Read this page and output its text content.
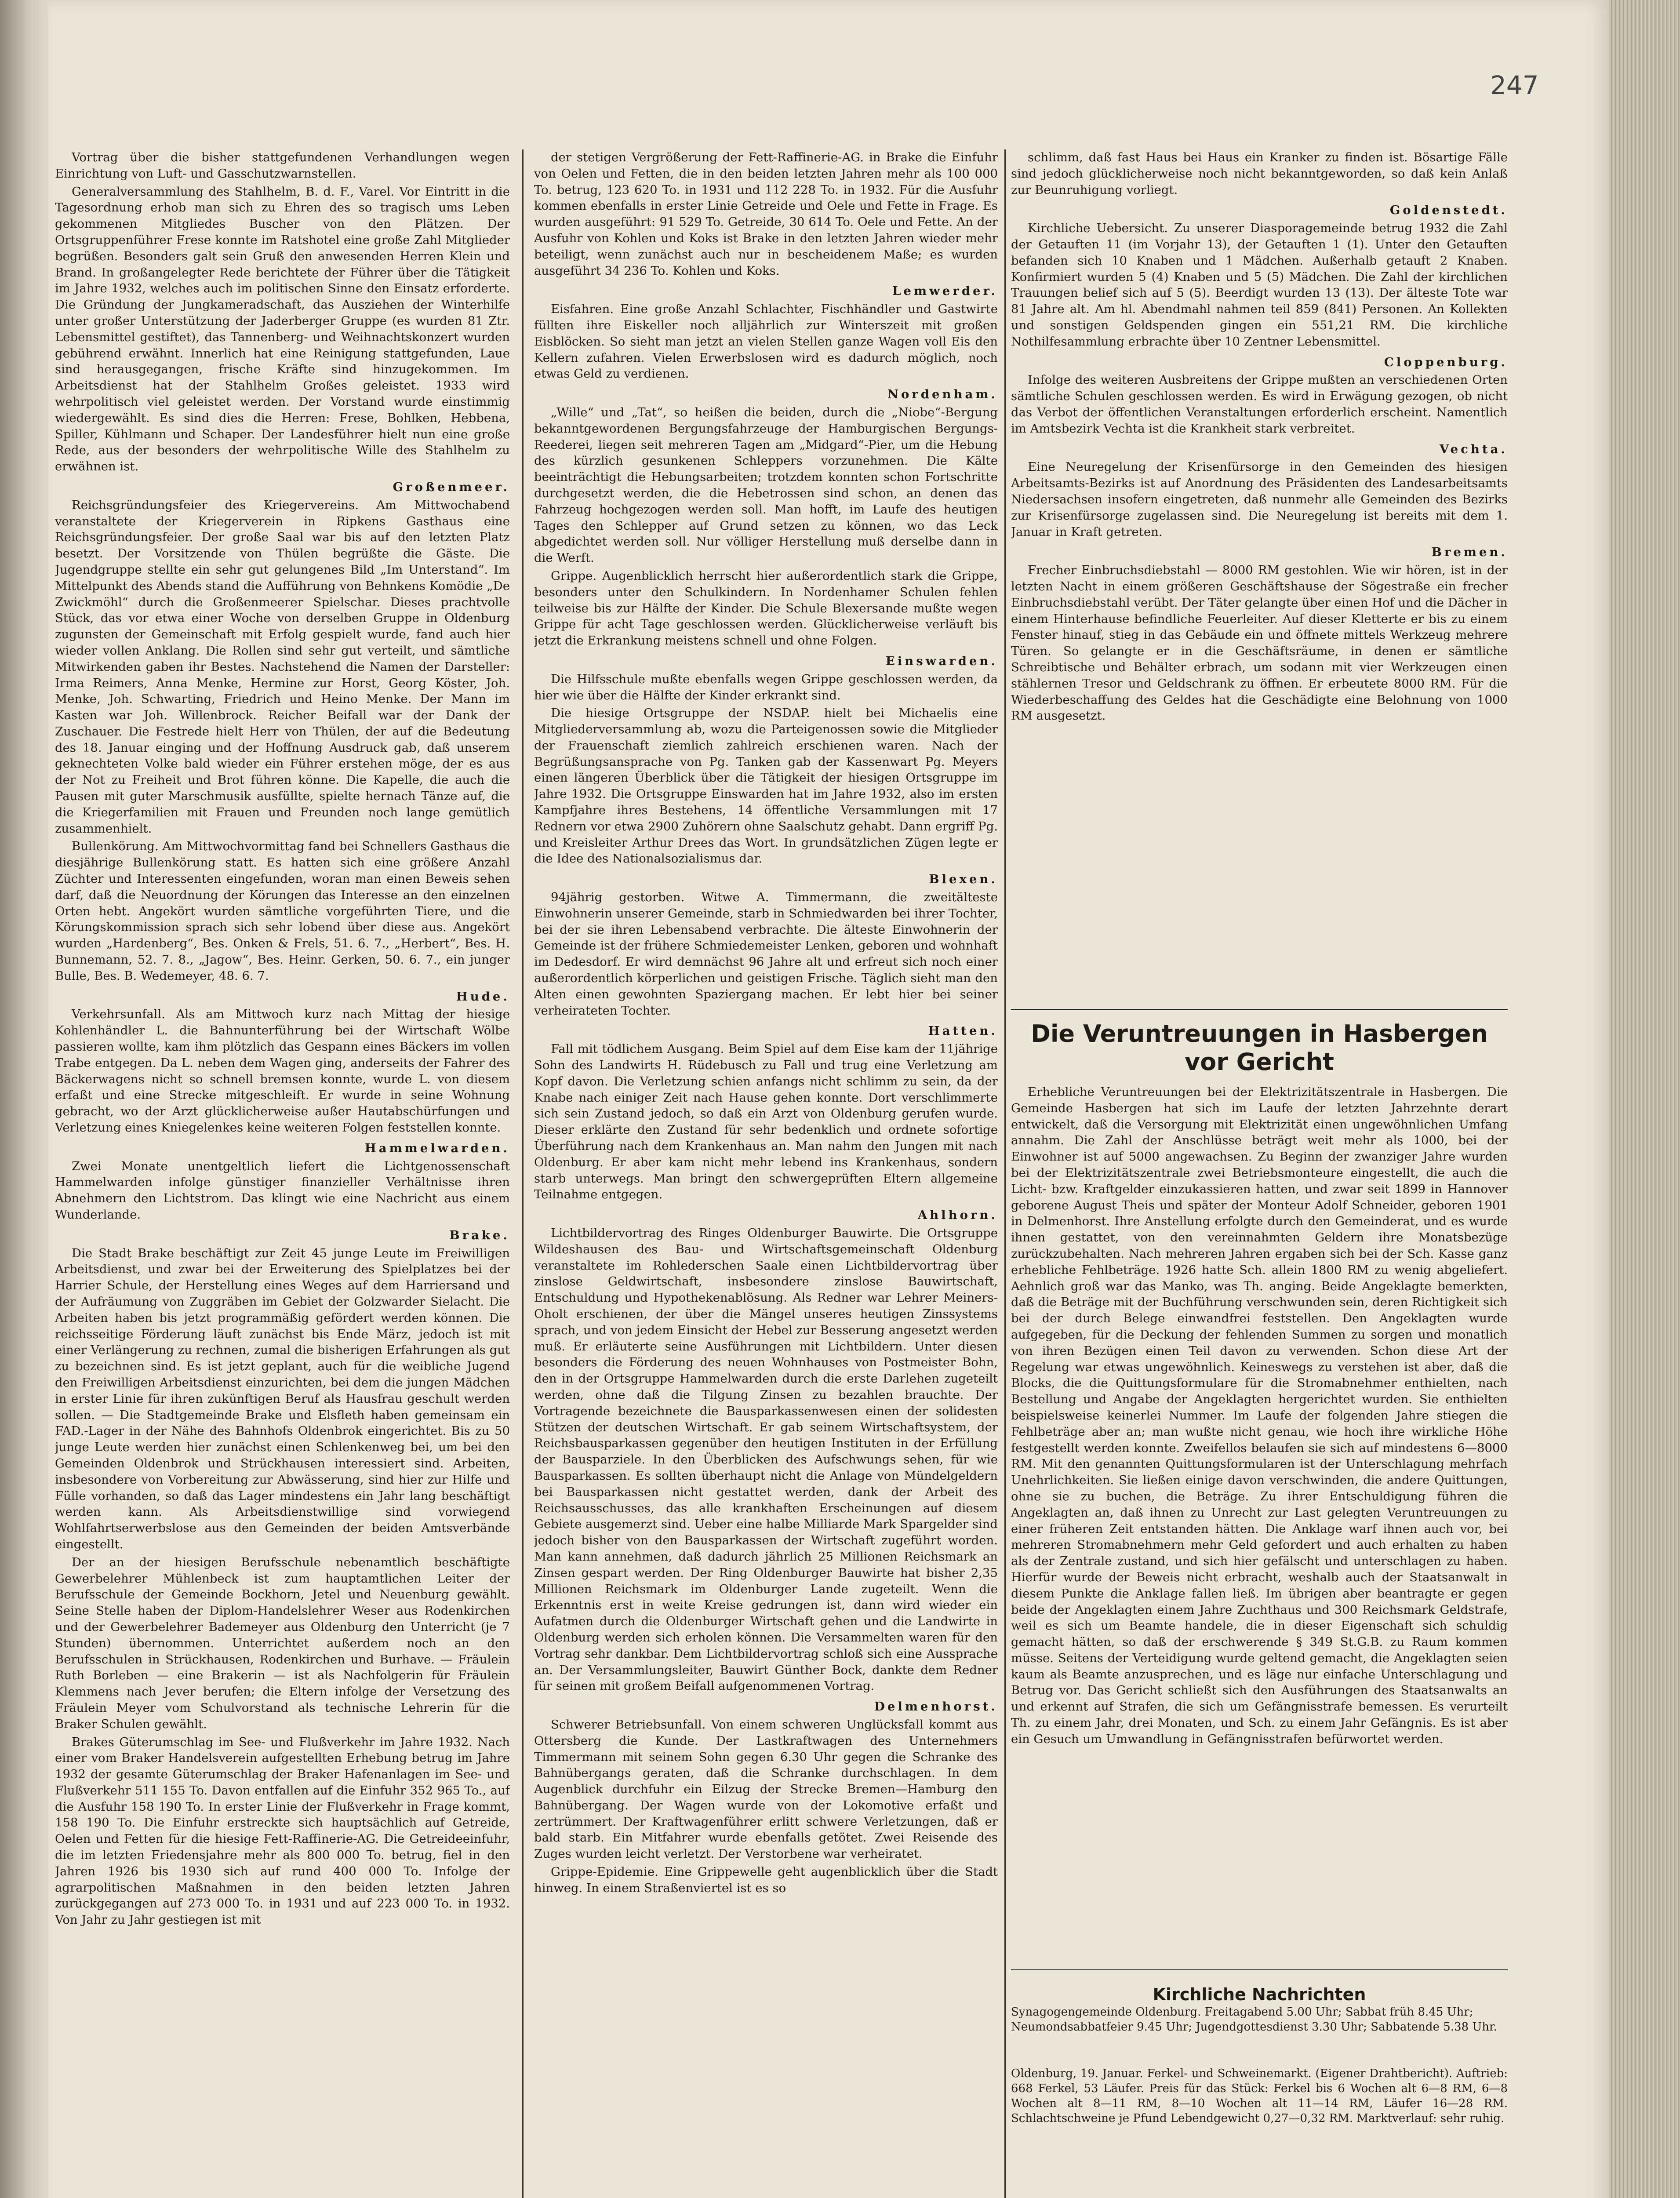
247

Vortrag über die bisher stattgefundenen Verhandlungen wegen Einrichtung von Luft- und Gasschutzwarnstellen.

Generalversammlung des Stahlhelm, B. d. F., Varel. Vor Eintritt in die Tagesordnung erhob man sich zu Ehren des so tragisch ums Leben gekommenen Mitgliedes Buscher von den Plätzen. Der Ortsgruppenführer Frese konnte im Ratshotel eine große Zahl Mitglieder begrüßen. Besonders galt sein Gruß den anwesenden Herren Klein und Brand. In großangelegter Rede berichtete der Führer über die Tätigkeit im Jahre 1932, welches auch im politischen Sinne den Einsatz erforderte. Die Gründung der Jungkameradschaft, das Ausziehen der Winterhilfe unter großer Unterstützung der Jaderberger Gruppe (es wurden 81 Ztr. Lebensmittel gestiftet), das Tannenberg- und Weihnachtskonzert wurden gebührend erwähnt. Innerlich hat eine Reinigung stattgefunden, Laue sind herausgegangen, frische Kräfte sind hinzugekommen. Im Arbeitsdienst hat der Stahlhelm Großes geleistet. 1933 wird wehrpolitisch viel geleistet werden. Der Vorstand wurde einstimmig wiedergewählt. Es sind dies die Herren: Frese, Bohlken, Hebbena, Spiller, Kühlmann und Schaper. Der Landesführer hielt nun eine große Rede, aus der besonders der wehrpolitische Wille des Stahlhelm zu erwähnen ist.

Großenmeer.

Reichsgründungsfeier des Kriegervereins. Am Mittwochabend veranstaltete der Kriegerverein in Ripkens Gasthaus eine Reichsgründungsfeier. Der große Saal war bis auf den letzten Platz besetzt. Der Vorsitzende von Thülen begrüßte die Gäste. Die Jugendgruppe stellte ein sehr gut gelungenes Bild „Im Unterstand“. Im Mittelpunkt des Abends stand die Aufführung von Behnkens Komödie „De Zwickmöhl“ durch die Großenmeerer Spielschar. Dieses prachtvolle Stück, das vor etwa einer Woche von derselben Gruppe in Oldenburg zugunsten der Gemeinschaft mit Erfolg gespielt wurde, fand auch hier wieder vollen Anklang. Die Rollen sind sehr gut verteilt, und sämtliche Mitwirkenden gaben ihr Bestes. Nachstehend die Namen der Darsteller: Irma Reimers, Anna Menke, Hermine zur Horst, Georg Köster, Joh. Menke, Joh. Schwarting, Friedrich und Heino Menke. Der Mann im Kasten war Joh. Willenbrock. Reicher Beifall war der Dank der Zuschauer. Die Festrede hielt Herr von Thülen, der auf die Bedeutung des 18. Januar einging und der Hoffnung Ausdruck gab, daß unserem geknechteten Volke bald wieder ein Führer erstehen möge, der es aus der Not zu Freiheit und Brot führen könne. Die Kapelle, die auch die Pausen mit guter Marschmusik ausfüllte, spielte hernach Tänze auf, die die Kriegerfamilien mit Frauen und Freunden noch lange gemütlich zusammenhielt.

Bullenkörung. Am Mittwochvormittag fand bei Schnellers Gasthaus die diesjährige Bullenkörung statt. Es hatten sich eine größere Anzahl Züchter und Interessenten eingefunden, woran man einen Beweis sehen darf, daß die Neuordnung der Körungen das Interesse an den einzelnen Orten hebt. Angekört wurden sämtliche vorgeführten Tiere, und die Körungskommission sprach sich sehr lobend über diese aus. Angekört wurden „Hardenberg“, Bes. Onken & Frels, 51. 6. 7., „Herbert“, Bes. H. Bunnemann, 52. 7. 8., „Jagow“, Bes. Heinr. Gerken, 50. 6. 7., ein junger Bulle, Bes. B. Wedemeyer, 48. 6. 7.

Hude.

Verkehrsunfall. Als am Mittwoch kurz nach Mittag der hiesige Kohlenhändler L. die Bahnunterführung bei der Wirtschaft Wölbe passieren wollte, kam ihm plötzlich das Gespann eines Bäckers im vollen Trabe entgegen. Da L. neben dem Wagen ging, anderseits der Fahrer des Bäckerwagens nicht so schnell bremsen konnte, wurde L. von diesem erfaßt und eine Strecke mitgeschleift. Er wurde in seine Wohnung gebracht, wo der Arzt glücklicherweise außer Hautabschürfungen und Verletzung eines Kniegelenkes keine weiteren Folgen feststellen konnte.

Hammelwarden.

Zwei Monate unentgeltlich liefert die Lichtgenossenschaft Hammelwarden infolge günstiger finanzieller Verhältnisse ihren Abnehmern den Lichtstrom. Das klingt wie eine Nachricht aus einem Wunderlande.

Brake.

Die Stadt Brake beschäftigt zur Zeit 45 junge Leute im Freiwilligen Arbeitsdienst, und zwar bei der Erweiterung des Spielplatzes bei der Harrier Schule, der Herstellung eines Weges auf dem Harriersand und der Aufräumung von Zuggräben im Gebiet der Golzwarder Sielacht. Die Arbeiten haben bis jetzt programmäßig gefördert werden können. Die reichsseitige Förderung läuft zunächst bis Ende März, jedoch ist mit einer Verlängerung zu rechnen, zumal die bisherigen Erfahrungen als gut zu bezeichnen sind. Es ist jetzt geplant, auch für die weibliche Jugend den Freiwilligen Arbeitsdienst einzurichten, bei dem die jungen Mädchen in erster Linie für ihren zukünftigen Beruf als Hausfrau geschult werden sollen. — Die Stadtgemeinde Brake und Elsfleth haben gemeinsam ein FAD.-Lager in der Nähe des Bahnhofs Oldenbrok eingerichtet. Bis zu 50 junge Leute werden hier zunächst einen Schlenkenweg bei, um bei den Gemeinden Oldenbrok und Strückhausen interessiert sind. Arbeiten, insbesondere von Vorbereitung zur Abwässerung, sind hier zur Hilfe und Fülle vorhanden, so daß das Lager mindestens ein Jahr lang beschäftigt werden kann. Als Arbeitsdienstwillige sind vorwiegend Wohlfahrtserwerbslose aus den Gemeinden der beiden Amtsverbände eingestellt.

Der an der hiesigen Berufsschule nebenamtlich beschäftigte Gewerbelehrer Mühlenbeck ist zum hauptamtlichen Leiter der Berufsschule der Gemeinde Bockhorn, Jetel und Neuenburg gewählt. Seine Stelle haben der Diplom-Handelslehrer Weser aus Rodenkirchen und der Gewerbelehrer Bademeyer aus Oldenburg den Unterricht (je 7 Stunden) übernommen. Unterrichtet außerdem noch an den Berufsschulen in Strückhausen, Rodenkirchen und Burhave. — Fräulein Ruth Borleben — eine Brakerin — ist als Nachfolgerin für Fräulein Klemmens nach Jever berufen; die Eltern infolge der Versetzung des Fräulein Meyer vom Schulvorstand als technische Lehrerin für die Braker Schulen gewählt.

Brakes Güterumschlag im See- und Flußverkehr im Jahre 1932. Nach einer vom Braker Handelsverein aufgestellten Erhebung betrug im Jahre 1932 der gesamte Güterumschlag der Braker Hafenanlagen im See- und Flußverkehr 511 155 To. Davon entfallen auf die Einfuhr 352 965 To., auf die Ausfuhr 158 190 To. In erster Linie der Flußverkehr in Frage kommt, 158 190 To. Die Einfuhr erstreckte sich hauptsächlich auf Getreide, Oelen und Fetten für die hiesige Fett-Raffinerie-AG. Die Getreideeinfuhr, die im letzten Friedensjahre mehr als 800 000 To. betrug, fiel in den Jahren 1926 bis 1930 sich auf rund 400 000 To. Infolge der agrarpolitischen Maßnahmen in den beiden letzten Jahren zurückgegangen auf 273 000 To. in 1931 und auf 223 000 To. in 1932. Von Jahr zu Jahr gestiegen ist mit

der stetigen Vergrößerung der Fett-Raffinerie-AG. in Brake die Einfuhr von Oelen und Fetten, die in den beiden letzten Jahren mehr als 100 000 To. betrug, 123 620 To. in 1931 und 112 228 To. in 1932. Für die Ausfuhr kommen ebenfalls in erster Linie Getreide und Oele und Fette in Frage. Es wurden ausgeführt: 91 529 To. Getreide, 30 614 To. Oele und Fette. An der Ausfuhr von Kohlen und Koks ist Brake in den letzten Jahren wieder mehr beteiligt, wenn zunächst auch nur in bescheidenem Maße; es wurden ausgeführt 34 236 To. Kohlen und Koks.

Lemwerder.

Eisfahren. Eine große Anzahl Schlachter, Fischhändler und Gastwirte füllten ihre Eiskeller noch alljährlich zur Winterszeit mit großen Eisblöcken. So sieht man jetzt an vielen Stellen ganze Wagen voll Eis den Kellern zufahren. Vielen Erwerbslosen wird es dadurch möglich, noch etwas Geld zu verdienen.

Nordenham.

„Wille“ und „Tat“, so heißen die beiden, durch die „Niobe“-Bergung bekanntgewordenen Bergungsfahrzeuge der Hamburgischen Bergungs-Reederei, liegen seit mehreren Tagen am „Midgard“-Pier, um die Hebung des kürzlich gesunkenen Schleppers vorzunehmen. Die Kälte beeinträchtigt die Hebungsarbeiten; trotzdem konnten schon Fortschritte durchgesetzt werden, die die Hebetrossen sind schon, an denen das Fahrzeug hochgezogen werden soll. Man hofft, im Laufe des heutigen Tages den Schlepper auf Grund setzen zu können, wo das Leck abgedichtet werden soll. Nur völliger Herstellung muß derselbe dann in die Werft.

Grippe. Augenblicklich herrscht hier außerordentlich stark die Grippe, besonders unter den Schulkindern. In Nordenhamer Schulen fehlen teilweise bis zur Hälfte der Kinder. Die Schule Blexersande mußte wegen Grippe für acht Tage geschlossen werden. Glücklicherweise verläuft bis jetzt die Erkrankung meistens schnell und ohne Folgen.

Einswarden.

Die Hilfsschule mußte ebenfalls wegen Grippe geschlossen werden, da hier wie über die Hälfte der Kinder erkrankt sind.

Die hiesige Ortsgruppe der NSDAP. hielt bei Michaelis eine Mitgliederversammlung ab, wozu die Parteigenossen sowie die Mitglieder der Frauenschaft ziemlich zahlreich erschienen waren. Nach der Begrüßungsansprache von Pg. Tanken gab der Kassenwart Pg. Meyers einen längeren Überblick über die Tätigkeit der hiesigen Ortsgruppe im Jahre 1932. Die Ortsgruppe Einswarden hat im Jahre 1932, also im ersten Kampfjahre ihres Bestehens, 14 öffentliche Versammlungen mit 17 Rednern vor etwa 2900 Zuhörern ohne Saalschutz gehabt. Dann ergriff Pg. und Kreisleiter Arthur Drees das Wort. In grundsätzlichen Zügen legte er die Idee des Nationalsozialismus dar.

Blexen.

94jährig gestorben. Witwe A. Timmermann, die zweitälteste Einwohnerin unserer Gemeinde, starb in Schmiedwarden bei ihrer Tochter, bei der sie ihren Lebensabend verbrachte. Die älteste Einwohnerin der Gemeinde ist der frühere Schmiedemeister Lenken, geboren und wohnhaft im Dedesdorf. Er wird demnächst 96 Jahre alt und erfreut sich noch einer außerordentlich körperlichen und geistigen Frische. Täglich sieht man den Alten einen gewohnten Spaziergang machen. Er lebt hier bei seiner verheirateten Tochter.

Hatten.

Fall mit tödlichem Ausgang. Beim Spiel auf dem Eise kam der 11jährige Sohn des Landwirts H. Rüdebusch zu Fall und trug eine Verletzung am Kopf davon. Die Verletzung schien anfangs nicht schlimm zu sein, da der Knabe nach einiger Zeit nach Hause gehen konnte. Dort verschlimmerte sich sein Zustand jedoch, so daß ein Arzt von Oldenburg gerufen wurde. Dieser erklärte den Zustand für sehr bedenklich und ordnete sofortige Überführung nach dem Krankenhaus an. Man nahm den Jungen mit nach Oldenburg. Er aber kam nicht mehr lebend ins Krankenhaus, sondern starb unterwegs. Man bringt den schwergeprüften Eltern allgemeine Teilnahme entgegen.

Ahlhorn.

Lichtbildervortrag des Ringes Oldenburger Bauwirte. Die Ortsgruppe Wildeshausen des Bau- und Wirtschaftsgemeinschaft Oldenburg veranstaltete im Rohlederschen Saale einen Lichtbildervortrag über zinslose Geldwirtschaft, insbesondere zinslose Bauwirtschaft, Entschuldung und Hypothekenablösung. Als Redner war Lehrer Meiners-Oholt erschienen, der über die Mängel unseres heutigen Zinssystems sprach, und von jedem Einsicht der Hebel zur Besserung angesetzt werden muß. Er erläuterte seine Ausführungen mit Lichtbildern. Unter diesen besonders die Förderung des neuen Wohnhauses von Postmeister Bohn, den in der Ortsgruppe Hammelwarden durch die erste Darlehen zugeteilt werden, ohne daß die Tilgung Zinsen zu bezahlen brauchte. Der Vortragende bezeichnete die Bausparkassenwesen einen der solidesten Stützen der deutschen Wirtschaft. Er gab seinem Wirtschaftsystem, der Reichsbausparkassen gegenüber den heutigen Instituten in der Erfüllung der Bausparziele. In den Überblicken des Aufschwungs sehen, für wie Bausparkassen. Es sollten überhaupt nicht die Anlage von Mündelgeldern bei Bausparkassen nicht gestattet werden, dank der Arbeit des Reichsausschusses, das alle krankhaften Erscheinungen auf diesem Gebiete ausgemerzt sind. Ueber eine halbe Milliarde Mark Spargelder sind jedoch bisher von den Bausparkassen der Wirtschaft zugeführt worden. Man kann annehmen, daß dadurch jährlich 25 Millionen Reichsmark an Zinsen gespart werden. Der Ring Oldenburger Bauwirte hat bisher 2,35 Millionen Reichsmark im Oldenburger Lande zugeteilt. Wenn die Erkenntnis erst in weite Kreise gedrungen ist, dann wird wieder ein Aufatmen durch die Oldenburger Wirtschaft gehen und die Landwirte in Oldenburg werden sich erholen können. Die Versammelten waren für den Vortrag sehr dankbar. Dem Lichtbildervortrag schloß sich eine Aussprache an. Der Versammlungsleiter, Bauwirt Günther Bock, dankte dem Redner für seinen mit großem Beifall aufgenommenen Vortrag.

Delmenhorst.

Schwerer Betriebsunfall. Von einem schweren Unglücksfall kommt aus Ottersberg die Kunde. Der Lastkraftwagen des Unternehmers Timmermann mit seinem Sohn gegen 6.30 Uhr gegen die Schranke des Bahnübergangs geraten, daß die Schranke durchschlagen. In dem Augenblick durchfuhr ein Eilzug der Strecke Bremen—Hamburg den Bahnübergang. Der Wagen wurde von der Lokomotive erfaßt und zertrümmert. Der Kraftwagenführer erlitt schwere Verletzungen, daß er bald starb. Ein Mitfahrer wurde ebenfalls getötet. Zwei Reisende des Zuges wurden leicht verletzt. Der Verstorbene war verheiratet.

Grippe-Epidemie. Eine Grippewelle geht augenblicklich über die Stadt hinweg. In einem Straßenviertel ist es so

schlimm, daß fast Haus bei Haus ein Kranker zu finden ist. Bösartige Fälle sind jedoch glücklicherweise noch nicht bekanntgeworden, so daß kein Anlaß zur Beunruhigung vorliegt.

Goldenstedt.

Kirchliche Uebersicht. Zu unserer Diasporagemeinde betrug 1932 die Zahl der Getauften 11 (im Vorjahr 13), der Getauften 1 (1). Unter den Getauften befanden sich 10 Knaben und 1 Mädchen. Außerhalb getauft 2 Knaben. Konfirmiert wurden 5 (4) Knaben und 5 (5) Mädchen. Die Zahl der kirchlichen Trauungen belief sich auf 5 (5). Beerdigt wurden 13 (13). Der älteste Tote war 81 Jahre alt. Am hl. Abendmahl nahmen teil 859 (841) Personen. An Kollekten und sonstigen Geldspenden gingen ein 551,21 RM. Die kirchliche Nothilfesammlung erbrachte über 10 Zentner Lebensmittel.

Cloppenburg.

Infolge des weiteren Ausbreitens der Grippe mußten an verschiedenen Orten sämtliche Schulen geschlossen werden. Es wird in Erwägung gezogen, ob nicht das Verbot der öffentlichen Veranstaltungen erforderlich erscheint. Namentlich im Amtsbezirk Vechta ist die Krankheit stark verbreitet.

Vechta.

Eine Neuregelung der Krisenfürsorge in den Gemeinden des hiesigen Arbeitsamts-Bezirks ist auf Anordnung des Präsidenten des Landesarbeitsamts Niedersachsen insofern eingetreten, daß nunmehr alle Gemeinden des Bezirks zur Krisenfürsorge zugelassen sind. Die Neuregelung ist bereits mit dem 1. Januar in Kraft getreten.

Bremen.

Frecher Einbruchsdiebstahl — 8000 RM gestohlen. Wie wir hören, ist in der letzten Nacht in einem größeren Geschäftshause der Sögestraße ein frecher Einbruchsdiebstahl verübt. Der Täter gelangte über einen Hof und die Dächer in einem Hinterhause befindliche Feuerleiter. Auf dieser Kletterte er bis zu einem Fenster hinauf, stieg in das Gebäude ein und öffnete mittels Werkzeug mehrere Türen. So gelangte er in die Geschäftsräume, in denen er sämtliche Schreibtische und Behälter erbrach, um sodann mit vier Werkzeugen einen stählernen Tresor und Geldschrank zu öffnen. Er erbeutete 8000 RM. Für die Wiederbeschaffung des Geldes hat die Geschädigte eine Belohnung von 1000 RM ausgesetzt.

Die Veruntreuungen in Hasbergen
vor Gericht

Erhebliche Veruntreuungen bei der Elektrizitätszentrale in Hasbergen. Die Gemeinde Hasbergen hat sich im Laufe der letzten Jahrzehnte derart entwickelt, daß die Versorgung mit Elektrizität einen ungewöhnlichen Umfang annahm. Die Zahl der Anschlüsse beträgt weit mehr als 1000, bei der Einwohner ist auf 5000 angewachsen. Zu Beginn der zwanziger Jahre wurden bei der Elektrizitätszentrale zwei Betriebsmonteure eingestellt, die auch die Licht- bzw. Kraftgelder einzukassieren hatten, und zwar seit 1899 in Hannover geborene August Theis und später der Monteur Adolf Schneider, geboren 1901 in Delmenhorst. Ihre Anstellung erfolgte durch den Gemeinderat, und es wurde ihnen gestattet, von den vereinnahmten Geldern ihre Monatsbezüge zurückzubehalten. Nach mehreren Jahren ergaben sich bei der Sch. Kasse ganz erhebliche Fehlbeträge. 1926 hatte Sch. allein 1800 RM zu wenig abgeliefert. Aehnlich groß war das Manko, was Th. anging. Beide Angeklagte bemerkten, daß die Beträge mit der Buchführung verschwunden sein, deren Richtigkeit sich bei der durch Belege einwandfrei feststellen. Den Angeklagten wurde aufgegeben, für die Deckung der fehlenden Summen zu sorgen und monatlich von ihren Bezügen einen Teil davon zu verwenden. Schon diese Art der Regelung war etwas ungewöhnlich. Keineswegs zu verstehen ist aber, daß die Blocks, die die Quittungsformulare für die Stromabnehmer enthielten, nach Bestellung und Angabe der Angeklagten hergerichtet wurden. Sie enthielten beispielsweise keinerlei Nummer. Im Laufe der folgenden Jahre stiegen die Fehlbeträge aber an; man wußte nicht genau, wie hoch ihre wirkliche Höhe festgestellt werden konnte. Zweifellos belaufen sie sich auf mindestens 6—8000 RM. Mit den genannten Quittungsformularen ist der Unterschlagung mehrfach Unehrlichkeiten. Sie ließen einige davon verschwinden, die andere Quittungen, ohne sie zu buchen, die Beträge. Zu ihrer Entschuldigung führen die Angeklagten an, daß ihnen zu Unrecht zur Last gelegten Veruntreuungen zu einer früheren Zeit entstanden hätten. Die Anklage warf ihnen auch vor, bei mehreren Stromabnehmern mehr Geld gefordert und auch erhalten zu haben als der Zentrale zustand, und sich hier gefälscht und unterschlagen zu haben. Hierfür wurde der Beweis nicht erbracht, weshalb auch der Staatsanwalt in diesem Punkte die Anklage fallen ließ. Im übrigen aber beantragte er gegen beide der Angeklagten einem Jahre Zuchthaus und 300 Reichsmark Geldstrafe, weil es sich um Beamte handele, die in dieser Eigenschaft sich schuldig gemacht hätten, so daß der erschwerende § 349 St.G.B. zu Raum kommen müsse. Seitens der Verteidigung wurde geltend gemacht, die Angeklagten seien kaum als Beamte anzusprechen, und es läge nur einfache Unterschlagung und Betrug vor. Das Gericht schließt sich den Ausführungen des Staatsanwalts an und erkennt auf Strafen, die sich um Gefängnisstrafe bemessen. Es verurteilt Th. zu einem Jahr, drei Monaten, und Sch. zu einem Jahr Gefängnis. Es ist aber ein Gesuch um Umwandlung in Gefängnisstrafen befürwortet werden.

Kirchliche Nachrichten
Synagogengemeinde Oldenburg. Freitagabend 5.00 Uhr; Sabbat früh 8.45 Uhr; Neumondsabbatfeier 9.45 Uhr; Jugendgottesdienst 3.30 Uhr; Sabbatende 5.38 Uhr.
Oldenburg, 19. Januar. Ferkel- und Schweinemarkt. (Eigener Drahtbericht). Auftrieb: 668 Ferkel, 53 Läufer. Preis für das Stück: Ferkel bis 6 Wochen alt 6—8 RM, 6—8 Wochen alt 8—11 RM, 8—10 Wochen alt 11—14 RM, Läufer 16—28 RM. Schlachtschweine je Pfund Lebendgewicht 0,27—0,32 RM. Marktverlauf: sehr ruhig.
